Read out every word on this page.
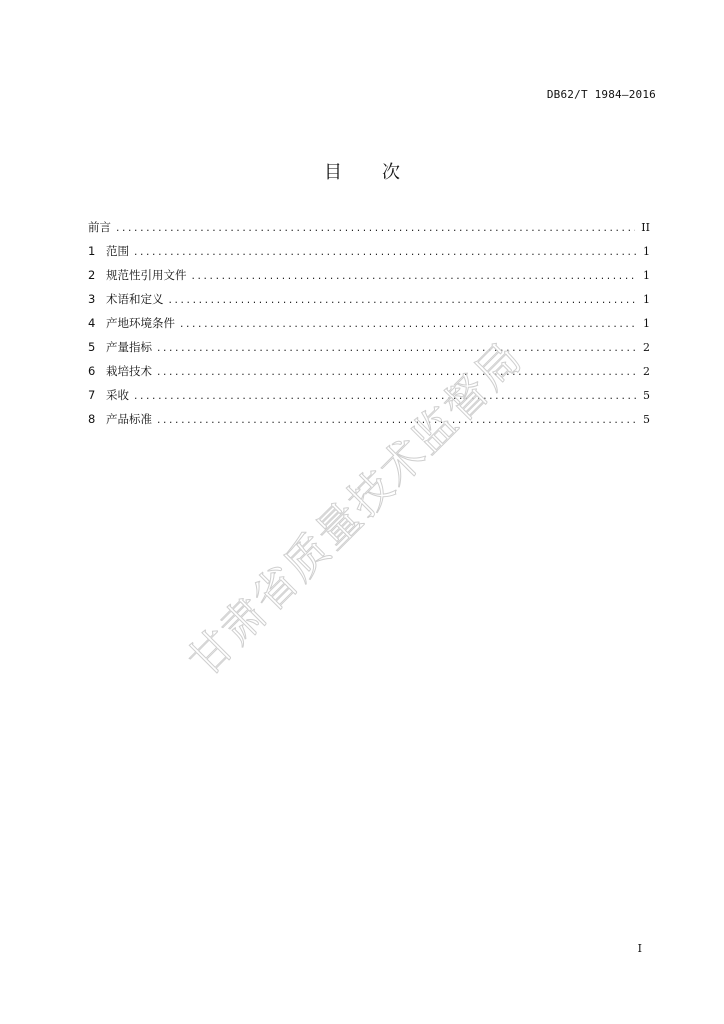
DB62/T 1984—2016
目 次
前言 .....	II
1 范围 .....	1
2 规范性引用文件 .....	1
3 术语和定义 .....	1
4 产地环境条件 .....	1
5 产量指标 .....	2
6 栽培技术 .....	2
7 采收 .....	5
8 产品标准 .....	5
甘肃省质量技术监督局
I
